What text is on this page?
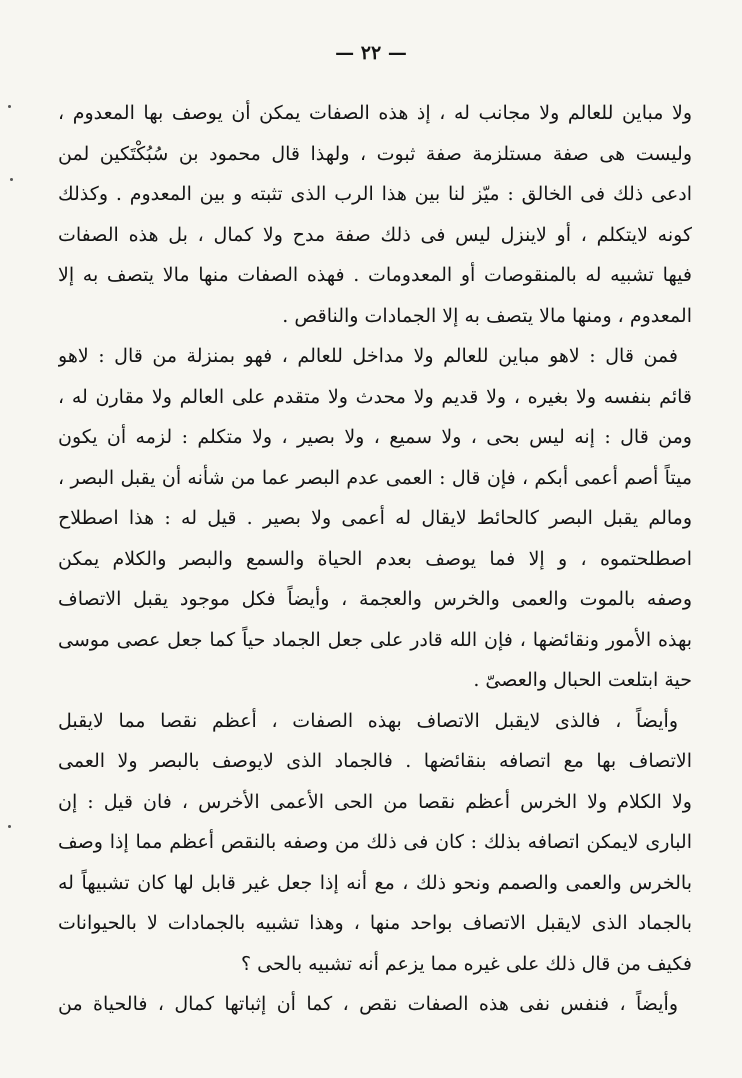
— ٢٢ —
ولا مباين للعالم ولا مجانب له ، إذ هذه الصفات يمكن أن يوصف بها المعدوم ،
وليست هى صفة مستلزمة صفة ثبوت ، ولهذا قال محمود بن سُبُكْتَكين لمن
ادعى ذلك فى الخالق : ميّز لنا بين هذا الرب الذى تثبته و بين المعدوم . وكذلك
كونه لايتكلم ، أو لاينزل ليس فى ذلك صفة مدح ولا كمال ، بل هذه الصفات
فيها تشبيه له بالمنقوصات أو المعدومات . فهذه الصفات منها مالا يتصف به إلا
المعدوم ، ومنها مالا يتصف به إلا الجمادات والناقص .
فمن قال : لاهو مباين للعالم ولا مداخل للعالم ، فهو بمنزلة من قال : لاهو
قائم بنفسه ولا بغيره ، ولا قديم ولا محدث ولا متقدم على العالم ولا مقارن له ،
ومن قال : إنه ليس بحى ، ولا سميع ، ولا بصير ، ولا متكلم : لزمه أن يكون
ميتاً أصم أعمى أبكم ، فإن قال : العمى عدم البصر عما من شأنه أن يقبل البصر ،
ومالم يقبل البصر كالحائط لايقال له أعمى ولا بصير . قيل له : هذا اصطلاح
اصطلحتموه ، و إلا فما يوصف بعدم الحياة والسمع والبصر والكلام يمكن
وصفه بالموت والعمى والخرس والعجمة ، وأيضاً فكل موجود يقبل الاتصاف
بهذه الأمور ونقائضها ، فإن الله قادر على جعل الجماد حياً كما جعل عصى موسى
حية ابتلعت الحبال والعصىّ .
وأيضاً ، فالذى لايقبل الاتصاف بهذه الصفات ، أعظم نقصا مما لايقبل
الاتصاف بها مع اتصافه بنقائضها . فالجماد الذى لايوصف بالبصر ولا العمى
ولا الكلام ولا الخرس أعظم نقصا من الحى الأعمى الأخرس ، فان قيل : إن
البارى لايمكن اتصافه بذلك : كان فى ذلك من وصفه بالنقص أعظم مما إذا وصف
بالخرس والعمى والصمم ونحو ذلك ، مع أنه إذا جعل غير قابل لها كان تشبيهاً له
بالجماد الذى لايقبل الاتصاف بواحد منها ، وهذا تشبيه بالجمادات لا بالحيوانات
فكيف من قال ذلك على غيره مما يزعم أنه تشبيه بالحى ؟
وأيضاً ، فنفس نفى هذه الصفات نقص ، كما أن إثباتها كمال ، فالحياة من
